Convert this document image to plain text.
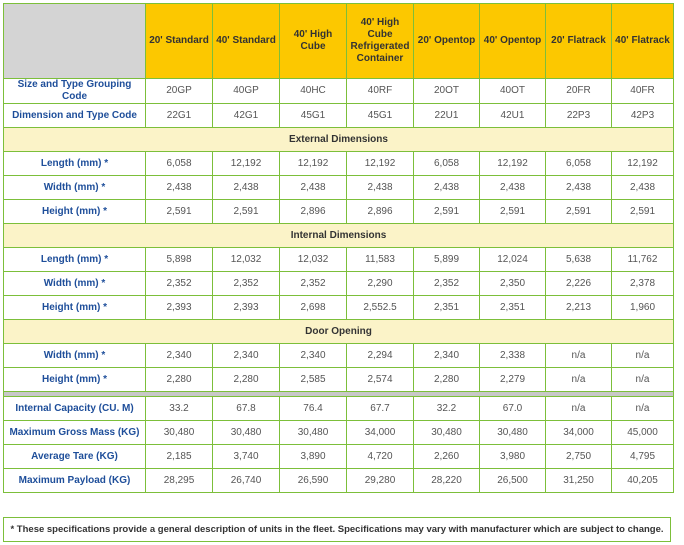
	20' Standard	40' Standard	40' High Cube	40' High Cube Refrigerated Container	20' Opentop	40' Opentop	20' Flatrack	40' Flatrack
Size and Type Grouping Code	20GP	40GP	40HC	40RF	20OT	40OT	20FR	40FR
Dimension and Type Code	22G1	42G1	45G1	45G1	22U1	42U1	22P3	42P3
External Dimensions								
Length (mm) *	6,058	12,192	12,192	12,192	6,058	12,192	6,058	12,192
Width (mm) *	2,438	2,438	2,438	2,438	2,438	2,438	2,438	2,438
Height (mm) *	2,591	2,591	2,896	2,896	2,591	2,591	2,591	2,591
Internal Dimensions								
Length (mm) *	5,898	12,032	12,032	11,583	5,899	12,024	5,638	11,762
Width (mm) *	2,352	2,352	2,352	2,290	2,352	2,350	2,226	2,378
Height (mm) *	2,393	2,393	2,698	2,552.5	2,351	2,351	2,213	1,960
Door Opening								
Width (mm) *	2,340	2,340	2,340	2,294	2,340	2,338	n/a	n/a
Height (mm) *	2,280	2,280	2,585	2,574	2,280	2,279	n/a	n/a

Internal Capacity (CU. M)	33.2	67.8	76.4	67.7	32.2	67.0	n/a	n/a
Maximum Gross Mass (KG)	30,480	30,480	30,480	34,000	30,480	30,480	34,000	45,000
Average Tare (KG)	2,185	3,740	3,890	4,720	2,260	3,980	2,750	4,795
Maximum Payload (KG)	28,295	26,740	26,590	29,280	28,220	26,500	31,250	40,205
* These specifications provide a general description of units in the fleet. Specifications may vary with manufacturer which are subject to change.
